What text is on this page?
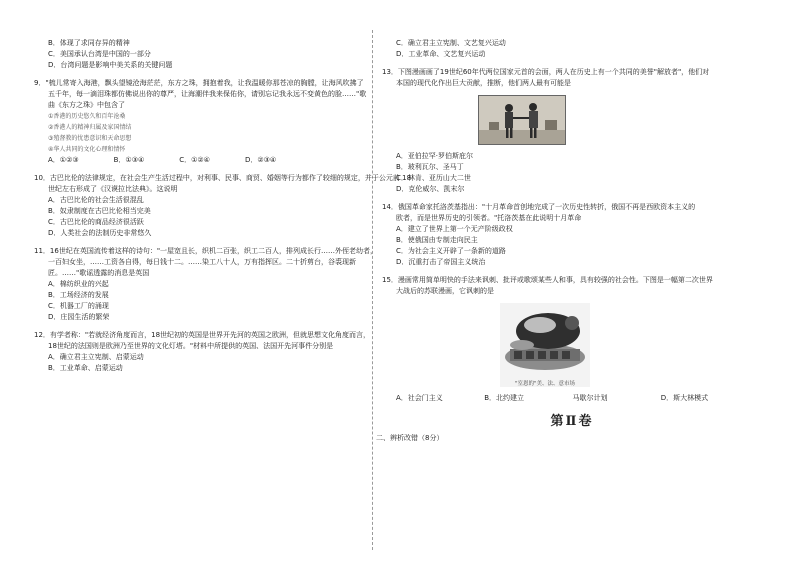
B．体现了求同存异的精神
C．美国承认台湾是中国的一部分
D．台湾问题是影响中美关系的关键问题
9．"梳儿常寄入海港，飘头望镜沧海茫茫，东方之珠，拥抱着我，让我温暖你那苍凉的胸膛，让海风吹拂了
五千年，每一滴泪珠都仿佛说出你的尊严，让海潮伴我来保佑你，请别忘记我永远不变黄色的脸……"歌
曲《东方之珠》中包含了
①香港的历史悠久和百年沧桑
②香港人的精神归属及家国情结
③殖督教的忧患意识和天命思想
④华人共同的文化心理和情怀
A．①②③　　　　　B．①③④　　　　　C．①②④　　　　　D．②③④
10．古巴比伦的法律规定，在社会生产生活过程中，对利事、民事、商贸、婚姻等行为都作了较细的规定，并于公元前 18
世纪左右形成了《汉谟拉比法典》。这说明
A．古巴比伦的社会生活很混乱
B．奴隶制度在古巴比伦相当完美
C．古巴比伦的商品经济很活跃
D．人类社会的法制历史非常悠久
11．16世纪在英国流传着这样的诗句："一屋宽且长，织机二百张，织工二百人，排列成长行……外侄老幼者，
一百妇女坐，……工资各自得，每日钱十二。……染工八十人，万有指挥区。二十折剪台，谷裘现新
匠。……"歌谣透露的消息是英国
A．棉纺织业的兴起
B．工场经济的发展
C．机器工厂的涌现
D．庄园生活的繁荣
12．有学者称："若就经济角度而言，18世纪初的英国是世界开先河的英国之欧洲，但就思想文化角度而言，
18世纪的法国则是欧洲乃至世界的文化灯塔。"材料中所提供的英国、法国开先河事件分别是
A．确立君主立宪制、启蒙运动
B．工业革命、启蒙运动
C．确立君主立宪制、文艺复兴运动
D．工业革命、文艺复兴运动
13．下图漫画画了19世纪60年代两位国家元首的会面，两人在历史上有一个共同的美誉"解放者"，他们对
本国的现代化作出巨大贡献，推断，他们两人最有可能是
A．亚伯拉罕·罗伯斯庇尔
B．玻利瓦尔、圣马丁
C．林肯、亚历山大二世
D．克伦威尔、凯末尔
14．俄国革命家托洛茨基指出："十月革命首创地完成了一次历史性转折，俄国不再是西欧资本主义的
欧者，而是世界历史的引领者。"托洛茨基在此说明十月革命
A．建立了世界上第一个无产阶级政权
B．使俄国由专制走向民主
C．为社会主义开辟了一条新的道路
D．沉重打击了帝国主义统治
15．漫画常用简单明快的手法来讽刺、批评或歌颂某些人和事，具有较强的社会性。下图是一幅第二次世界
大战后的苏联漫画，它讽刺的是
"室恩的"美、法、意市场
A．社会门主义	B．北约建立	马歇尔计划	D．斯大林模式
第Ⅱ卷
二、辨析改错（8分）
